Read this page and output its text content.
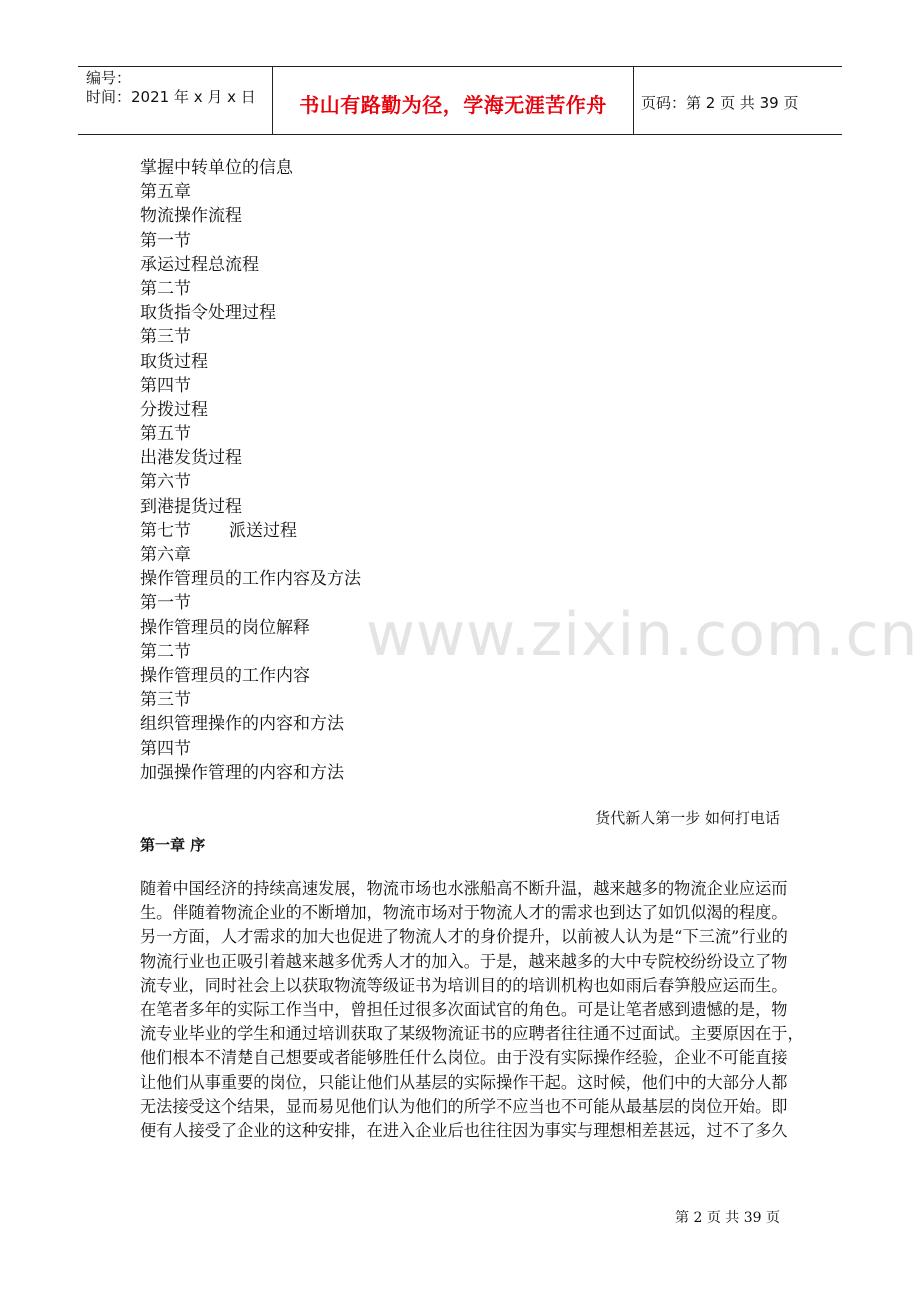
编号：
时间：2021 年 x 月 x 日	书山有路勤为径，学海无涯苦作舟	页码：第 2 页 共 39 页
掌握中转单位的信息
第五章
物流操作流程
第一节
承运过程总流程
第二节
取货指令处理过程
第三节
取货过程
第四节
分拨过程
第五节
出港发货过程
第六节
到港提货过程
第七节 派送过程
第六章
操作管理员的工作内容及方法
第一节
操作管理员的岗位解释
第二节
操作管理员的工作内容
第三节
组织管理操作的内容和方法
第四节
加强操作管理的内容和方法
www.zixin.com.cn
货代新人第一步 如何打电话
第一章 序

随着中国经济的持续高速发展，物流市场也水涨船高不断升温，越来越多的物流企业应运而
生。伴随着物流企业的不断增加，物流市场对于物流人才的需求也到达了如饥似渴的程度。
另一方面，人才需求的加大也促进了物流人才的身价提升，以前被人认为是“下三流”行业的
物流行业也正吸引着越来越多优秀人才的加入。于是，越来越多的大中专院校纷纷设立了物
流专业，同时社会上以获取物流等级证书为培训目的的培训机构也如雨后春笋般应运而生。
在笔者多年的实际工作当中，曾担任过很多次面试官的角色。可是让笔者感到遗憾的是，物
流专业毕业的学生和通过培训获取了某级物流证书的应聘者往往通不过面试。主要原因在于，
他们根本不清楚自己想要或者能够胜任什么岗位。由于没有实际操作经验，企业不可能直接
让他们从事重要的岗位，只能让他们从基层的实际操作干起。这时候，他们中的大部分人都
无法接受这个结果，显而易见他们认为他们的所学不应当也不可能从最基层的岗位开始。即
便有人接受了企业的这种安排，在进入企业后也往往因为事实与理想相差甚远，过不了多久

第 2 页 共 39 页
